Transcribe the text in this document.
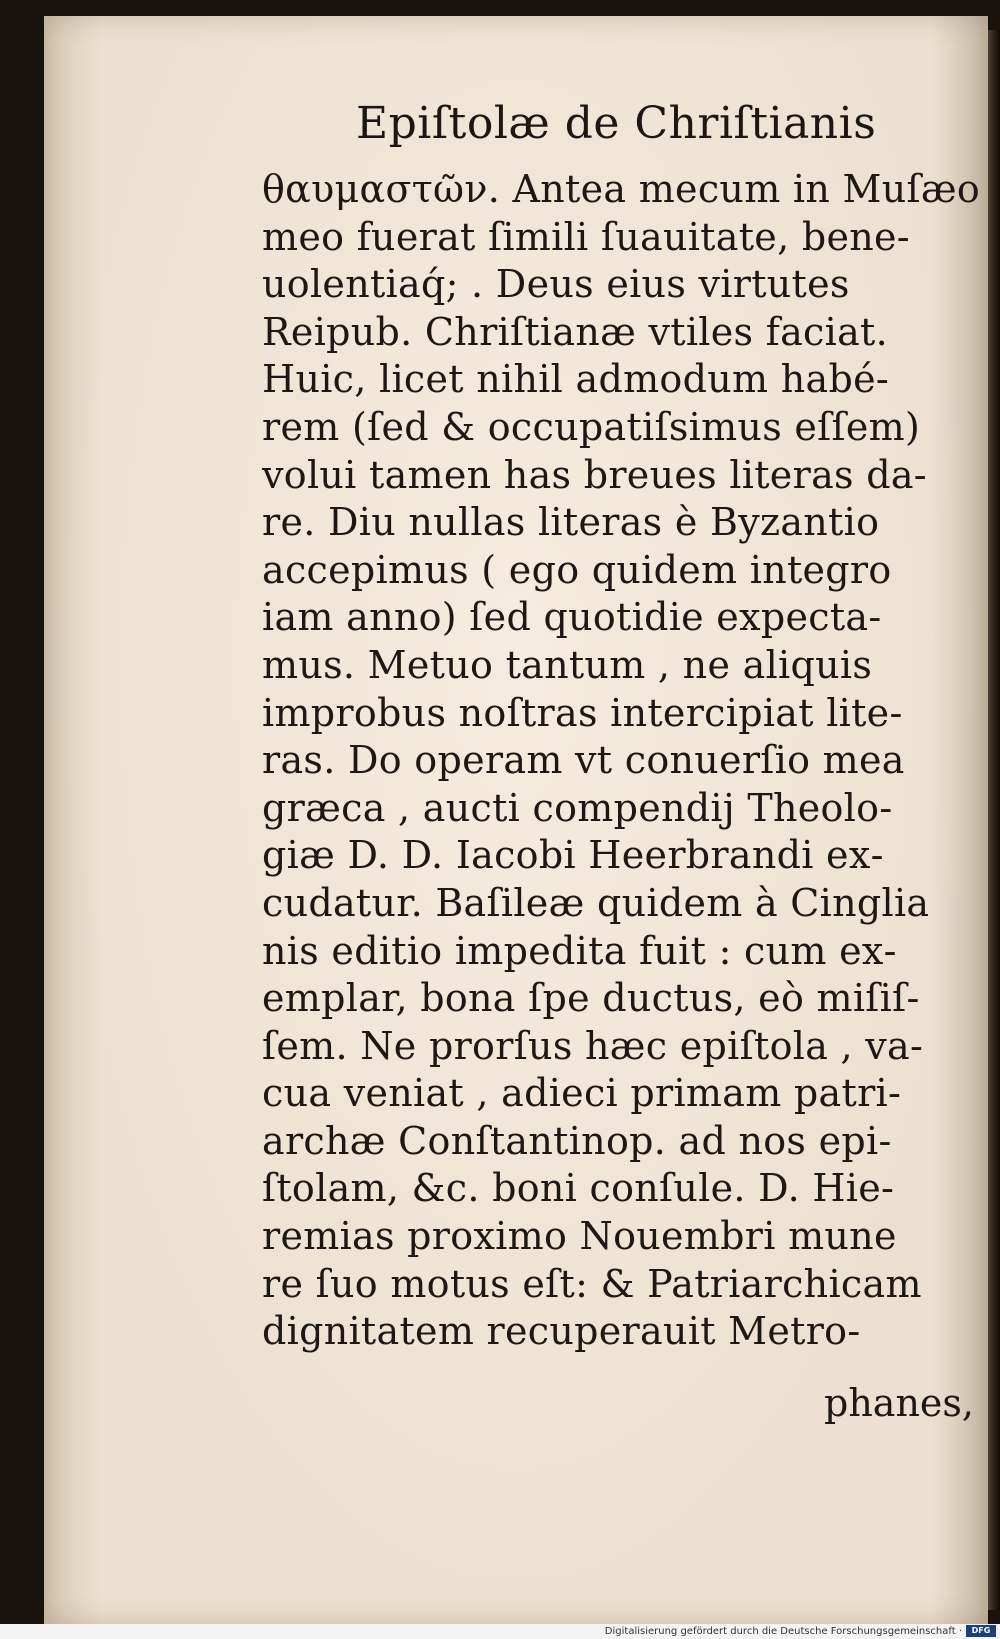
Epiſtolæ de Chriſtianis
θαυμαστῶν. Antea mecum in Muſæo
meo fuerat ſimili ſuauitate, bene‐
uolentiaq́; . Deus eius virtutes
Reipub. Chriſtianæ vtiles faciat.
Huic, licet nihil admodum habé‐
rem (ſed & occupatiſsimus eſſem)
volui tamen has breues literas da‐
re. Diu nullas literas è Byzantio
accepimus ( ego quidem integro
iam anno) ſed quotidie expecta‐
mus. Metuo tantum , ne aliquis
improbus noſtras intercipiat lite‐
ras. Do operam vt conuerſio mea
græca , aucti compendij Theolo‐
giæ D. D. Iacobi Heerbrandi ex‐
cudatur. Baſileæ quidem à Cinglia
nis editio impedita fuit : cum ex‐
emplar, bona ſpe ductus, eò miſiſ‐
ſem. Ne prorſus hæc epiſtola , va‐
cua veniat , adieci primam patri‐
archæ Conſtantinop. ad nos epi‐
ſtolam, &c. boni conſule. D. Hie‐
remias proximo Nouembri mune
re ſuo motus eſt: & Patriarchicam
dignitatem recuperauit Metro‐
phanes,
Digitalisierung gefördert durch die Deutsche Forschungsgemeinschaft ·	DFG
